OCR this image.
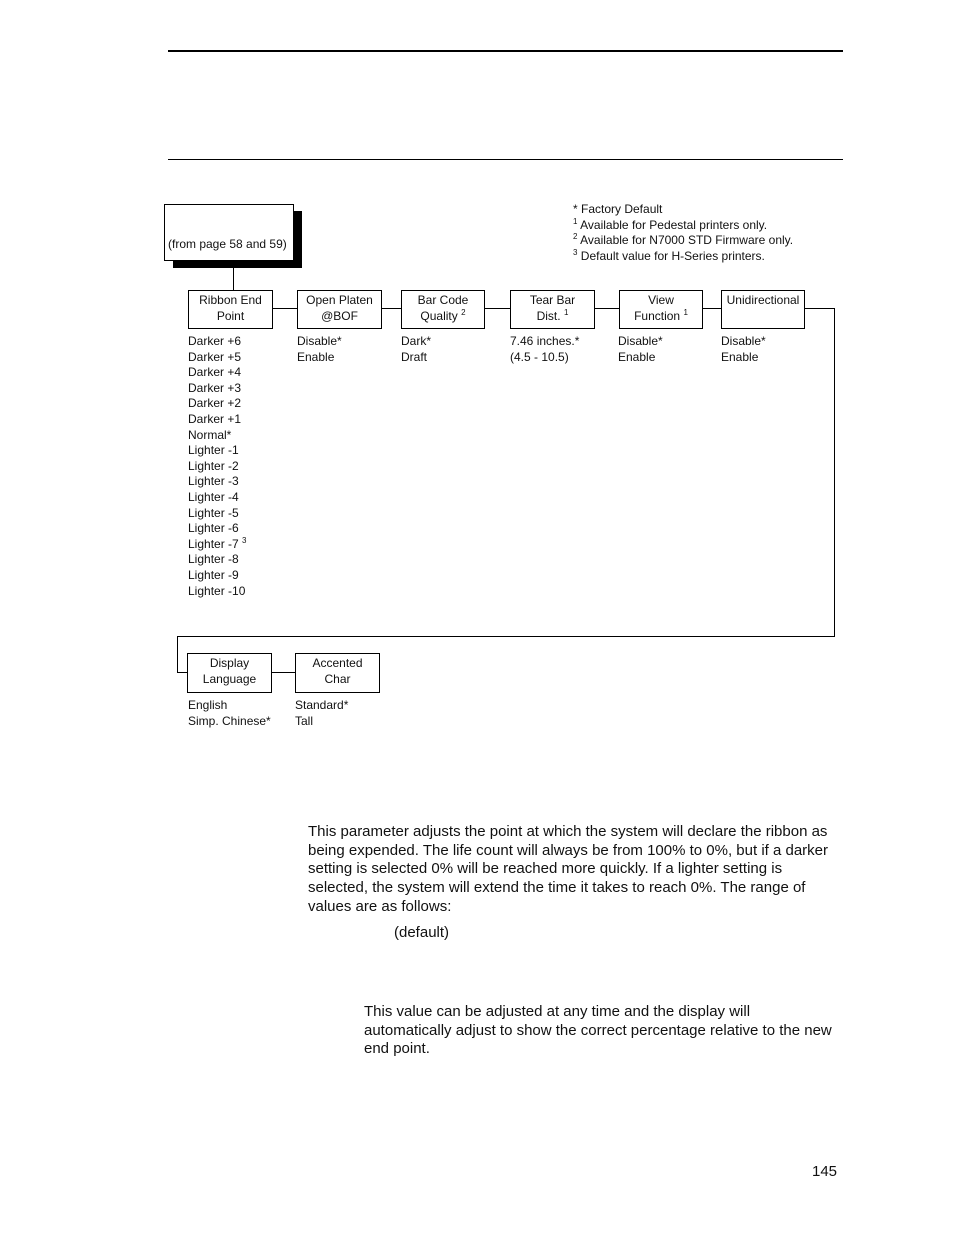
* Factory Default
$^1$ Available for Pedestal printers only.
$^2$ Available for N7000 STD Firmware only.
$^3$ Default value for H-Series printers.
(from page 58 and 59)
Ribbon End
Point
Open Platen
@BOF
Bar Code
Quality $^2$
Tear Bar
Dist. $^1$
View
Function $^1$
Unidirectional
Darker +6
Darker +5
Darker +4
Darker +3
Darker +2
Darker +1
Normal*
Lighter -1
Lighter -2
Lighter -3
Lighter -4
Lighter -5
Lighter -6
Lighter -7 $^3$
Lighter -8
Lighter -9
Lighter -10
Disable*
Enable
Dark*
Draft
7.46 inches.*
(4.5 - 10.5)
Disable*
Enable
Disable*
Enable
Display
Language
Accented
Char
English
Simp. Chinese*
Standard*
Tall
This parameter adjusts the point at which the system will declare the ribbon as being expended. The life count will always be from 100% to 0%, but if a darker setting is selected 0% will be reached more quickly. If a lighter setting is selected, the system will extend the time it takes to reach 0%. The range of values are as follows:
(default)
This value can be adjusted at any time and the display will automatically adjust to show the correct percentage relative to the new end point.
145
